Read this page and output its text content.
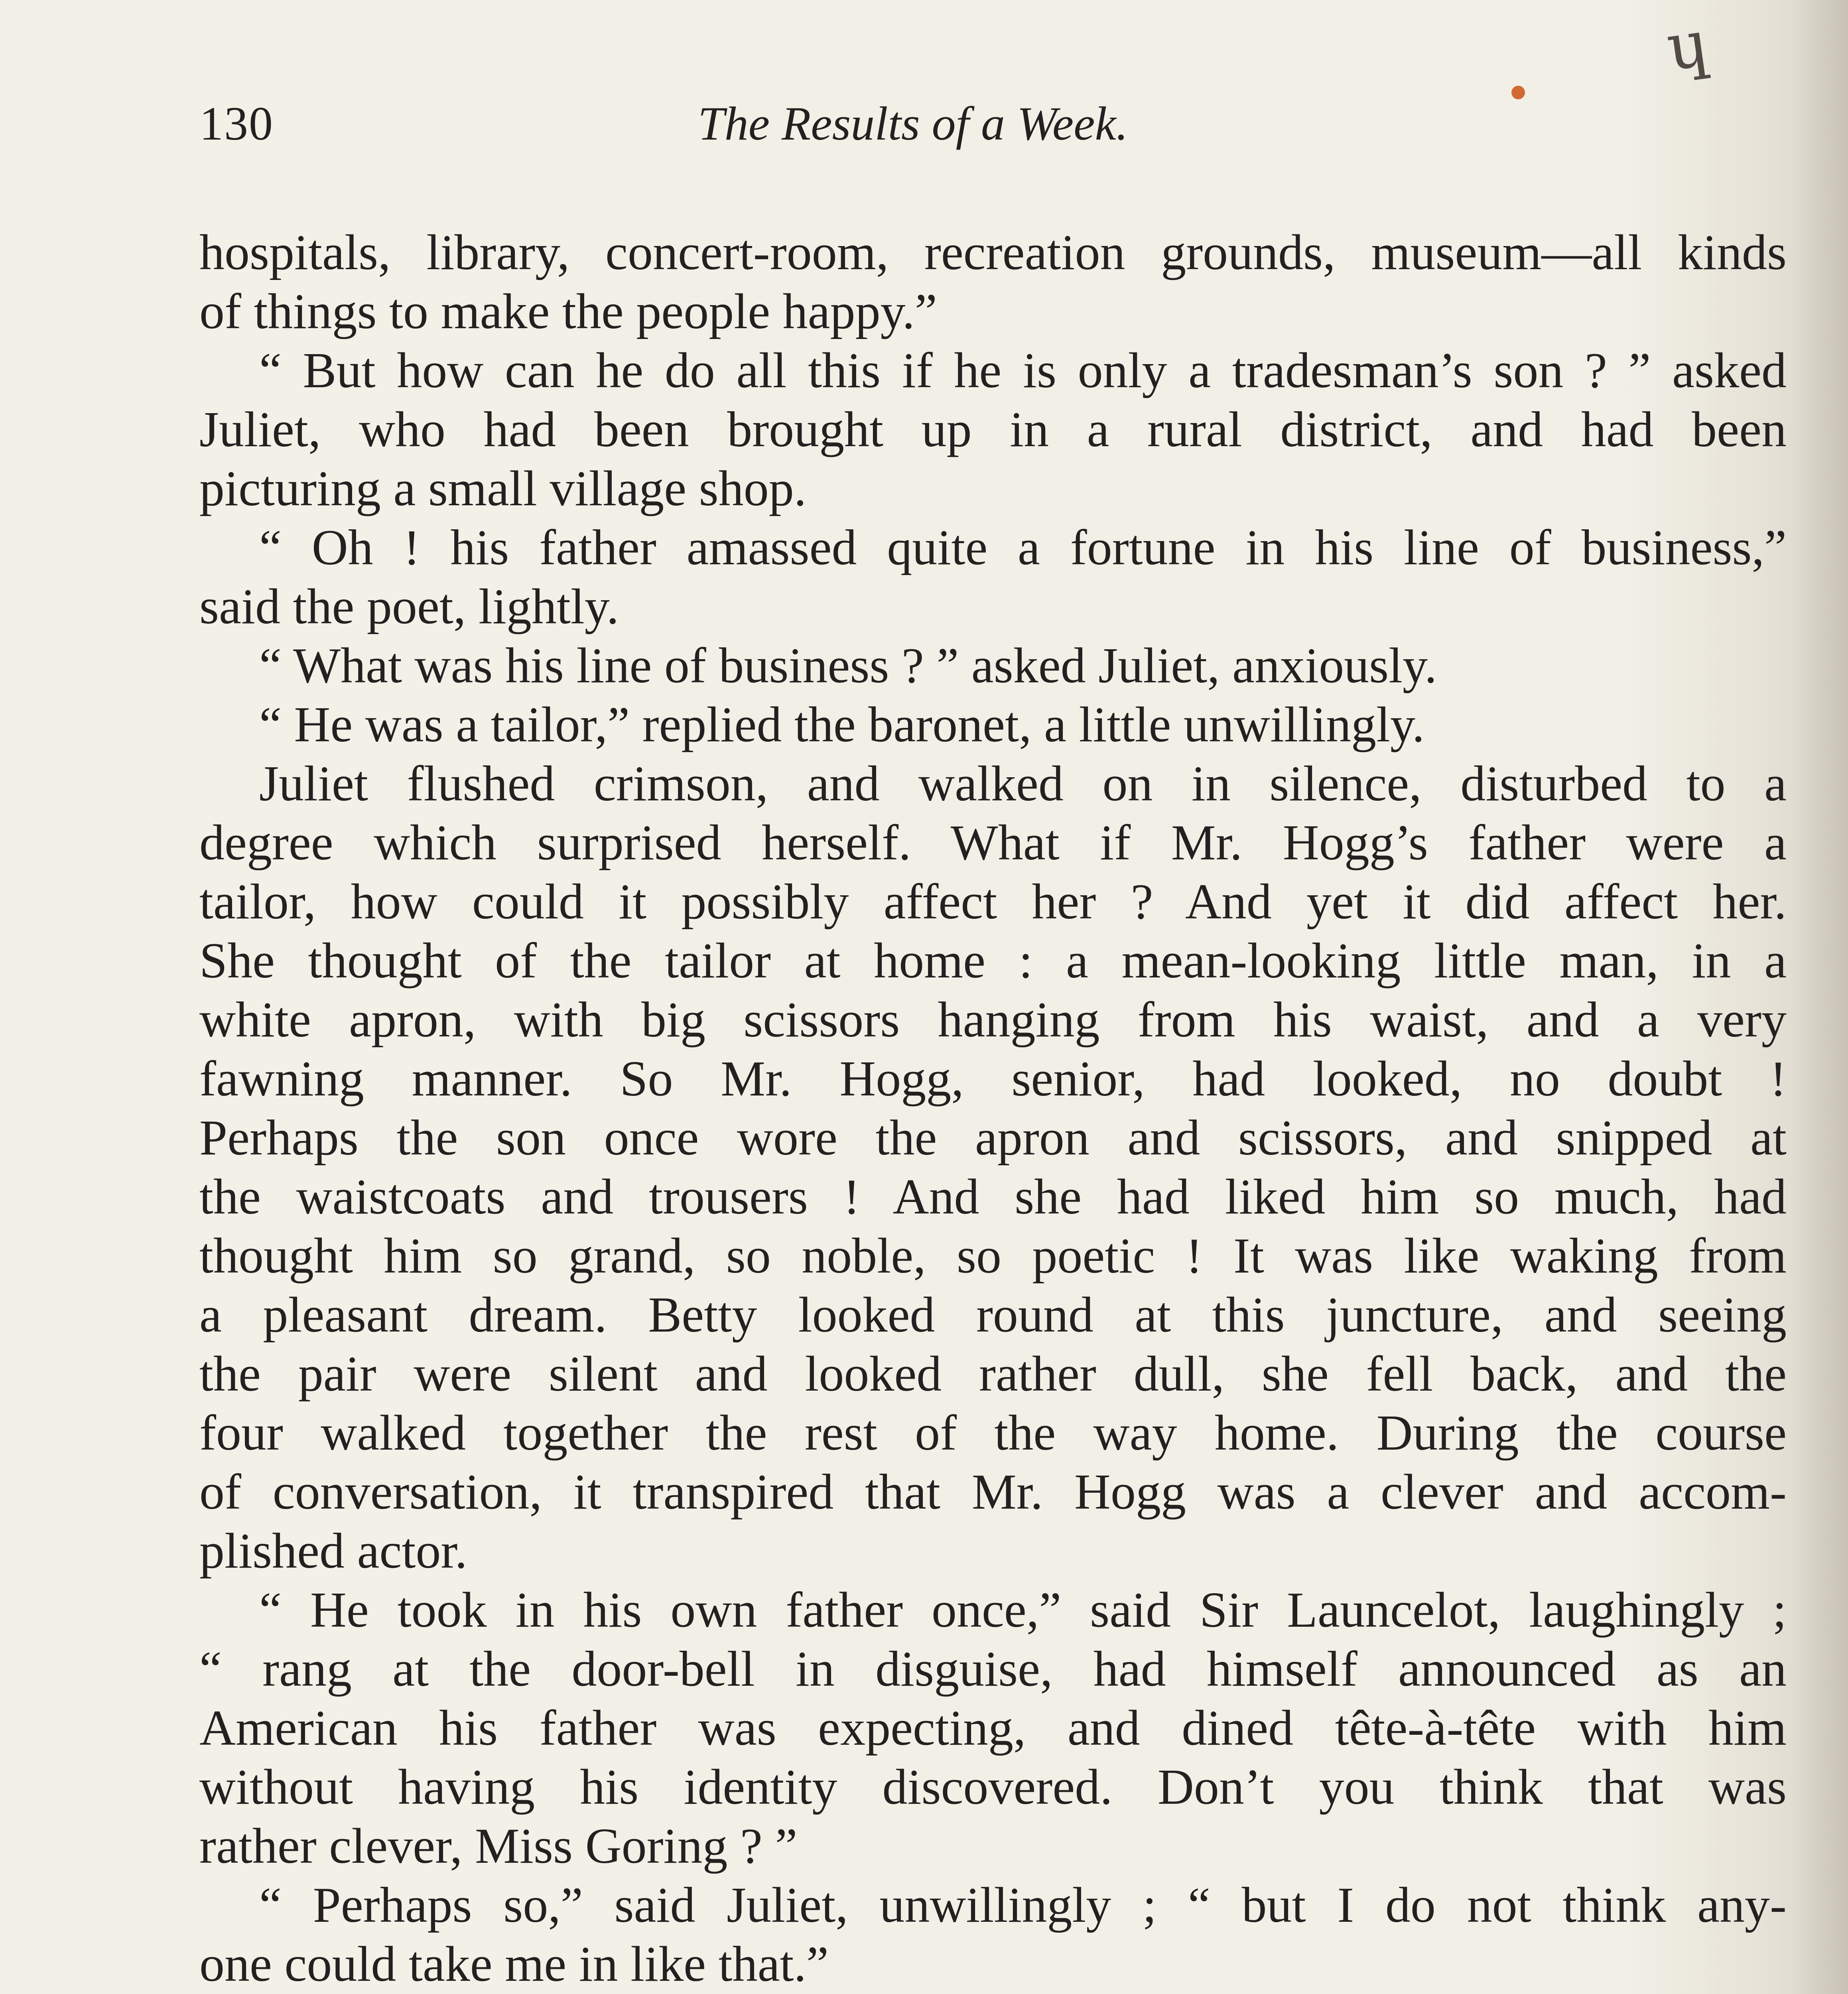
ɥ
130	The Results of a Week.
hospitals, library, concert-room, recreation grounds, museum—all kinds
of things to make the people happy.”
“ But how can he do all this if he is only a tradesman’s son ? ” asked
Juliet, who had been brought up in a rural district, and had been
picturing a small village shop.
“ Oh ! his father amassed quite a fortune in his line of business,”
said the poet, lightly.
“ What was his line of business ? ” asked Juliet, anxiously.
“ He was a tailor,” replied the baronet, a little unwillingly.
Juliet flushed crimson, and walked on in silence, disturbed to a
degree which surprised herself. What if Mr. Hogg’s father were a
tailor, how could it possibly affect her ? And yet it did affect her.
She thought of the tailor at home : a mean-looking little man, in a
white apron, with big scissors hanging from his waist, and a very
fawning manner. So Mr. Hogg, senior, had looked, no doubt !
Perhaps the son once wore the apron and scissors, and snipped at
the waistcoats and trousers ! And she had liked him so much, had
thought him so grand, so noble, so poetic ! It was like waking from
a pleasant dream. Betty looked round at this juncture, and seeing
the pair were silent and looked rather dull, she fell back, and the
four walked together the rest of the way home. During the course
of conversation, it transpired that Mr. Hogg was a clever and accom-
plished actor.
“ He took in his own father once,” said Sir Launcelot, laughingly ;
“ rang at the door-bell in disguise, had himself announced as an
American his father was expecting, and dined tête-à-tête with him
without having his identity discovered. Don’t you think that was
rather clever, Miss Goring ? ”
“ Perhaps so,” said Juliet, unwillingly ; “ but I do not think any-
one could take me in like that.”
